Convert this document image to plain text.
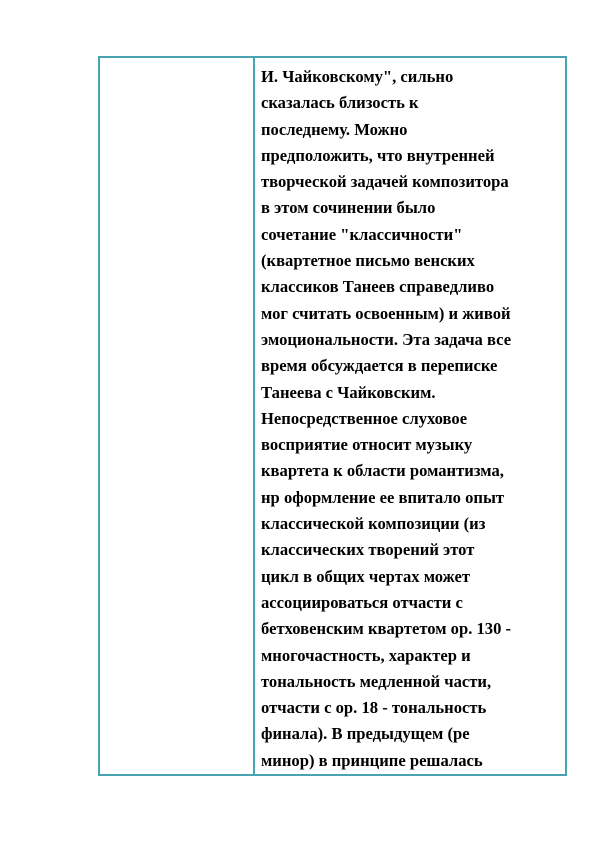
И. Чайковскому", сильно
сказалась близость к
последнему. Можно
предположить, что внутренней
творческой задачей композитора
в этом сочинении было
сочетание "классичности"
(квартетное письмо венских
классиков Танеев справедливо
мог считать освоенным) и живой
эмоциональности. Эта задача все
время обсуждается в переписке
Танеева с Чайковским.
Непосредственное слуховое
восприятие относит музыку
квартета к области романтизма,
нр оформление ее впитало опыт
классической композиции (из
классических творений этот
цикл в общих чертах может
ассоциироваться отчасти с
бетховенским квартетом ор. 130 -
многочастность, характер и
тональность медленной части,
отчасти с ор. 18 - тональность
финала). В предыдущем (ре
минор) в принципе решалась
